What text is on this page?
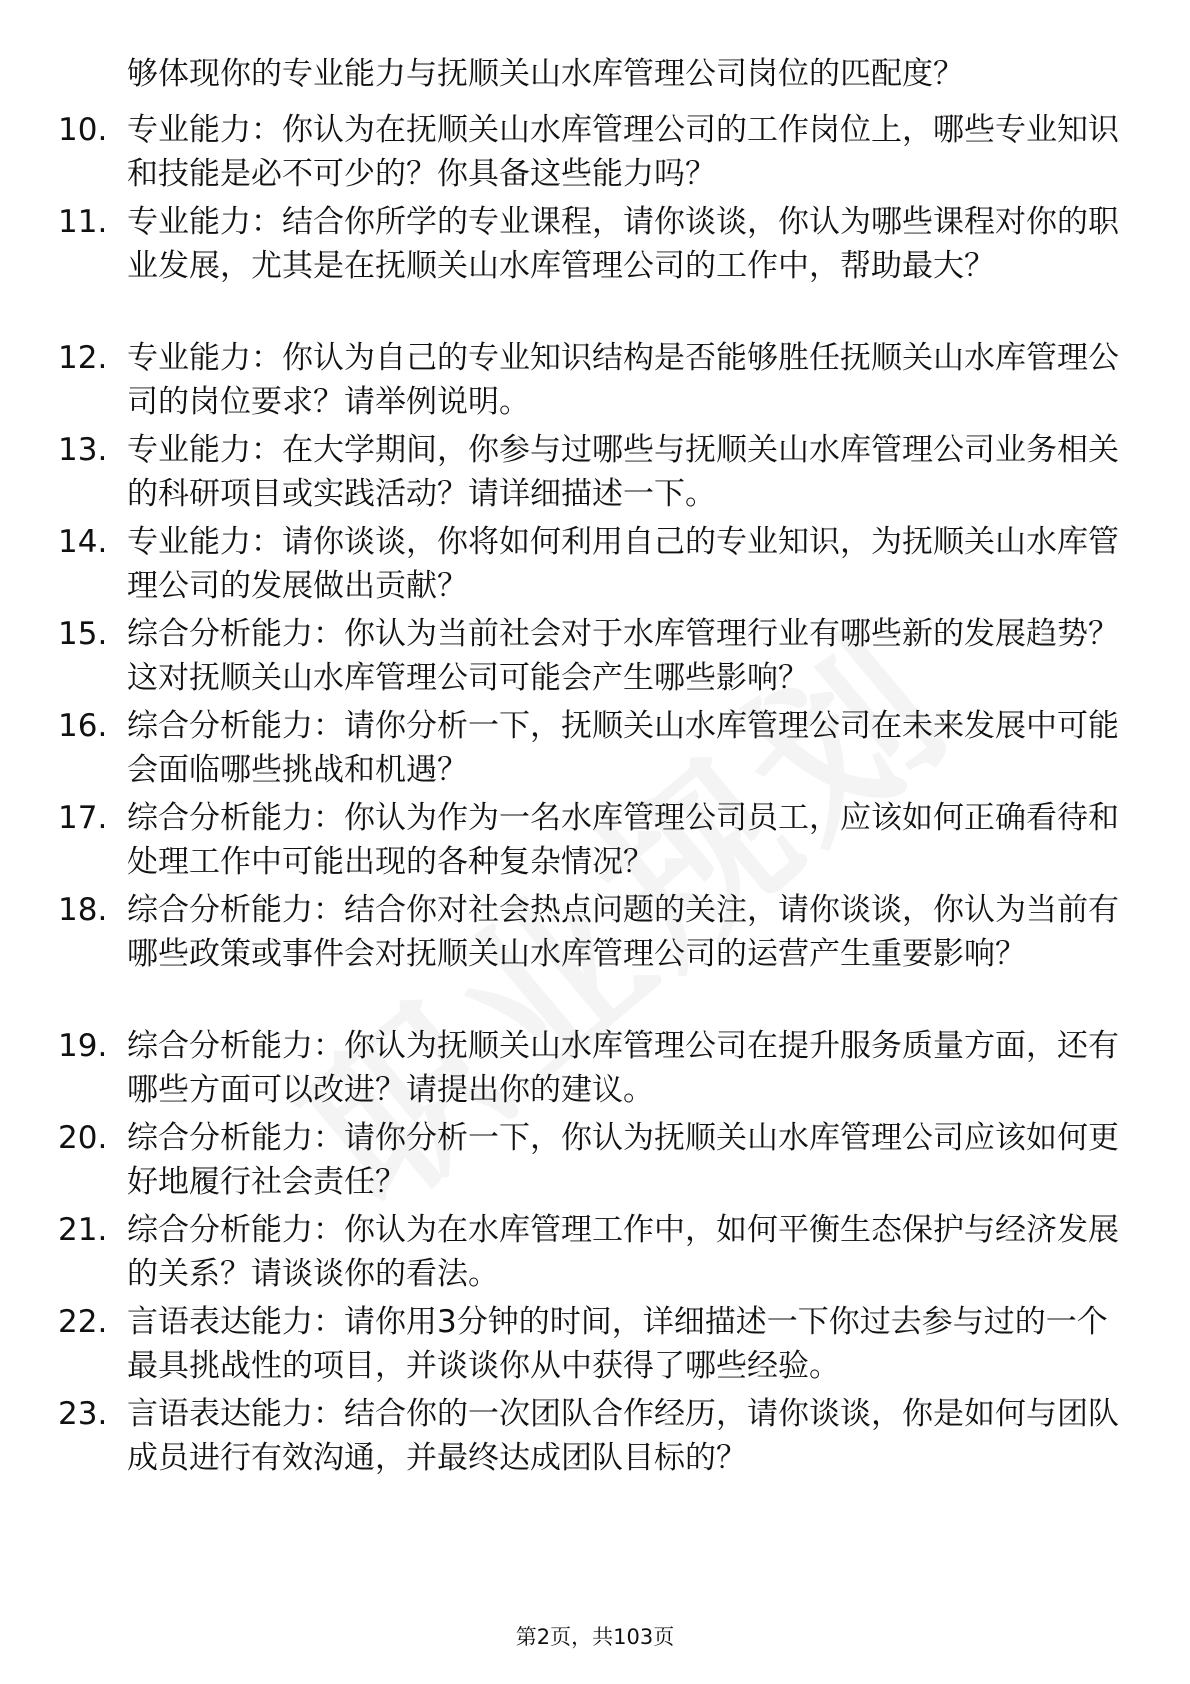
够体现你的专业能力与抚顺关山水库管理公司岗位的匹配度？
10. 专业能力：你认为在抚顺关山水库管理公司的工作岗位上，哪些专业知识和技能是必不可少的？你具备这些能力吗？
11. 专业能力：结合你所学的专业课程，请你谈谈，你认为哪些课程对你的职业发展，尤其是在抚顺关山水库管理公司的工作中，帮助最大？
12. 专业能力：你认为自己的专业知识结构是否能够胜任抚顺关山水库管理公司的岗位要求？请举例说明。
13. 专业能力：在大学期间，你参与过哪些与抚顺关山水库管理公司业务相关的科研项目或实践活动？请详细描述一下。
14. 专业能力：请你谈谈，你将如何利用自己的专业知识，为抚顺关山水库管理公司的发展做出贡献？
15. 综合分析能力：你认为当前社会对于水库管理行业有哪些新的发展趋势？这对抚顺关山水库管理公司可能会产生哪些影响？
16. 综合分析能力：请你分析一下，抚顺关山水库管理公司在未来发展中可能会面临哪些挑战和机遇？
17. 综合分析能力：你认为作为一名水库管理公司员工，应该如何正确看待和处理工作中可能出现的各种复杂情况？
18. 综合分析能力：结合你对社会热点问题的关注，请你谈谈，你认为当前有哪些政策或事件会对抚顺关山水库管理公司的运营产生重要影响？
19. 综合分析能力：你认为抚顺关山水库管理公司在提升服务质量方面，还有哪些方面可以改进？请提出你的建议。
20. 综合分析能力：请你分析一下，你认为抚顺关山水库管理公司应该如何更好地履行社会责任？
21. 综合分析能力：你认为在水库管理工作中，如何平衡生态保护与经济发展的关系？请谈谈你的看法。
22. 言语表达能力：请你用3分钟的时间，详细描述一下你过去参与过的一个最具挑战性的项目，并谈谈你从中获得了哪些经验。
23. 言语表达能力：结合你的一次团队合作经历，请你谈谈，你是如何与团队成员进行有效沟通，并最终达成团队目标的？
第2页，共103页
